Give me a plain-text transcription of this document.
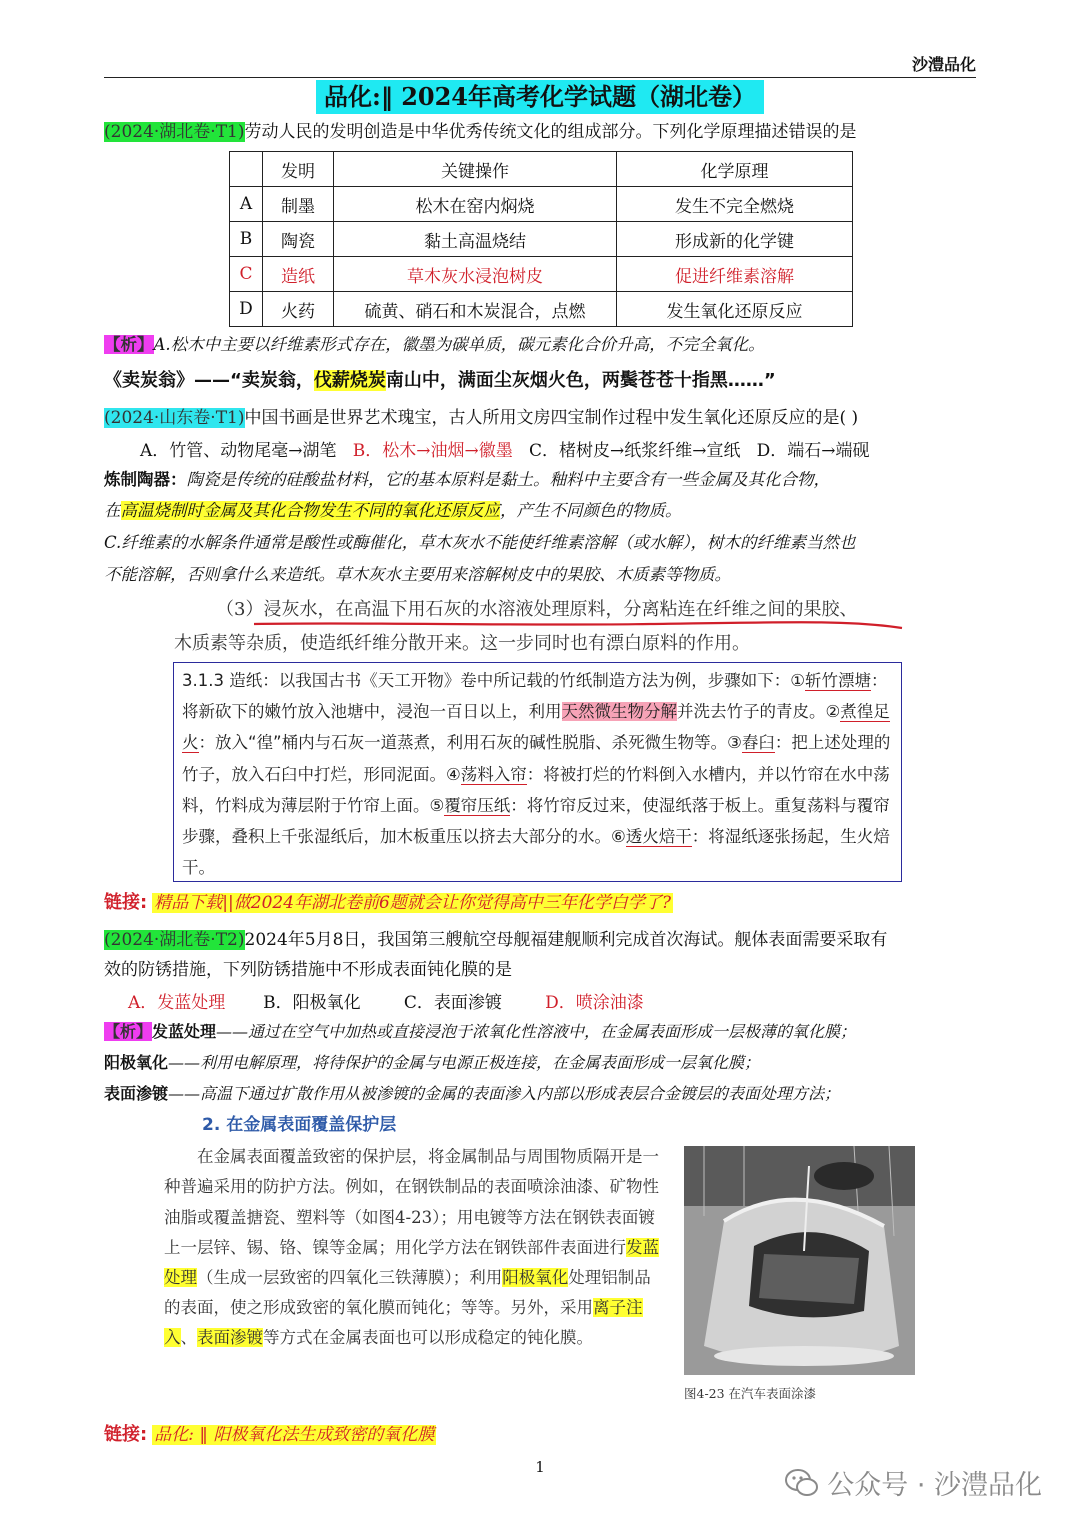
沙澧品化
品化:‖ 2024年高考化学试题（湖北卷）
(2024·湖北卷·T1)劳动人民的发明创造是中华优秀传统文化的组成部分。下列化学原理描述错误的是
	发明	关键操作	化学原理
A	制墨	松木在窑内焖烧	发生不完全燃烧
B	陶瓷	黏土高温烧结	形成新的化学键
C	造纸	草木灰水浸泡树皮	促进纤维素溶解
D	火药	硫黄、硝石和木炭混合，点燃	发生氧化还原反应
【析】A.松木中主要以纤维素形式存在，徽墨为碳单质，碳元素化合价升高，不完全氧化。
《卖炭翁》——“卖炭翁，伐薪烧炭南山中，满面尘灰烟火色，两鬓苍苍十指黑……”
(2024·山东卷·T1)中国书画是世界艺术瑰宝，古人所用文房四宝制作过程中发生氧化还原反应的是( )
A．竹管、动物尾毫→湖笔 B．松木→油烟→徽墨 C．楮树皮→纸浆纤维→宣纸 D．端石→端砚
炼制陶器：陶瓷是传统的硅酸盐材料，它的基本原料是黏土。釉料中主要含有一些金属及其化合物，
在高温烧制时金属及其化合物发生不同的氧化还原反应，产生不同颜色的物质。
C.纤维素的水解条件通常是酸性或酶催化，草木灰水不能使纤维素溶解（或水解），树木的纤维素当然也
不能溶解，否则拿什么来造纸。草木灰水主要用来溶解树皮中的果胶、木质素等物质。
（3）浸灰水，在高温下用石灰的水溶液处理原料，分离粘连在纤维之间的果胶、
木质素等杂质，使造纸纤维分散开来。这一步同时也有漂白原料的作用。

3.1.3 造纸：以我国古书《天工开物》卷中所记载的竹纸制造方法为例，步骤如下：①斩竹漂塘：将新砍下的嫩竹放入池塘中，浸泡一百日以上，利用天然微生物分解并洗去竹子的青皮。②煮徨足火：放入“徨”桶内与石灰一道蒸煮，利用石灰的碱性脱脂、杀死微生物等。③舂臼：把上述处理的竹子，放入石臼中打烂，形同泥面。④荡料入帘：将被打烂的竹料倒入水槽内，并以竹帘在水中荡料，竹料成为薄层附于竹帘上面。⑤覆帘压纸：将竹帘反过来，使湿纸落于板上。重复荡料与覆帘步骤，叠积上千张湿纸后，加木板重压以挤去大部分的水。⑥透火焙干：将湿纸逐张扬起，生火焙干。

链接: 精品下载||做2024年湖北卷前6题就会让你觉得高中三年化学白学了?
(2024·湖北卷·T2)2024年5月8日，我国第三艘航空母舰福建舰顺利完成首次海试。舰体表面需要采取有
效的防锈措施，下列防锈措施中不形成表面钝化膜的是
A．发蓝处理 B．阳极氧化	C．表面渗镀	D．喷涂油漆
【析】发蓝处理——通过在空气中加热或直接浸泡于浓氧化性溶液中，在金属表面形成一层极薄的氧化膜；
阳极氧化——利用电解原理，将待保护的金属与电源正极连接，在金属表面形成一层氧化膜；
表面渗镀——高温下通过扩散作用从被渗镀的金属的表面渗入内部以形成表层合金镀层的表面处理方法；
2. 在金属表面覆盖保护层

在金属表面覆盖致密的保护层，将金属制品与周围物质隔开是一种普遍采用的防护方法。例如，在钢铁制品的表面喷涂油漆、矿物性油脂或覆盖搪瓷、塑料等（如图4-23）；用电镀等方法在钢铁表面镀上一层锌、锡、铬、镍等金属；用化学方法在钢铁部件表面进行发蓝处理（生成一层致密的四氧化三铁薄膜）；利用阳极氧化处理铝制品的表面，使之形成致密的氧化膜而钝化；等等。另外，采用离子注入、表面渗镀等方式在金属表面也可以形成稳定的钝化膜。

图4-23 在汽车表面涂漆
链接: 品化: ‖ 阳极氧化法生成致密的氧化膜
1
公众号 · 沙澧品化
